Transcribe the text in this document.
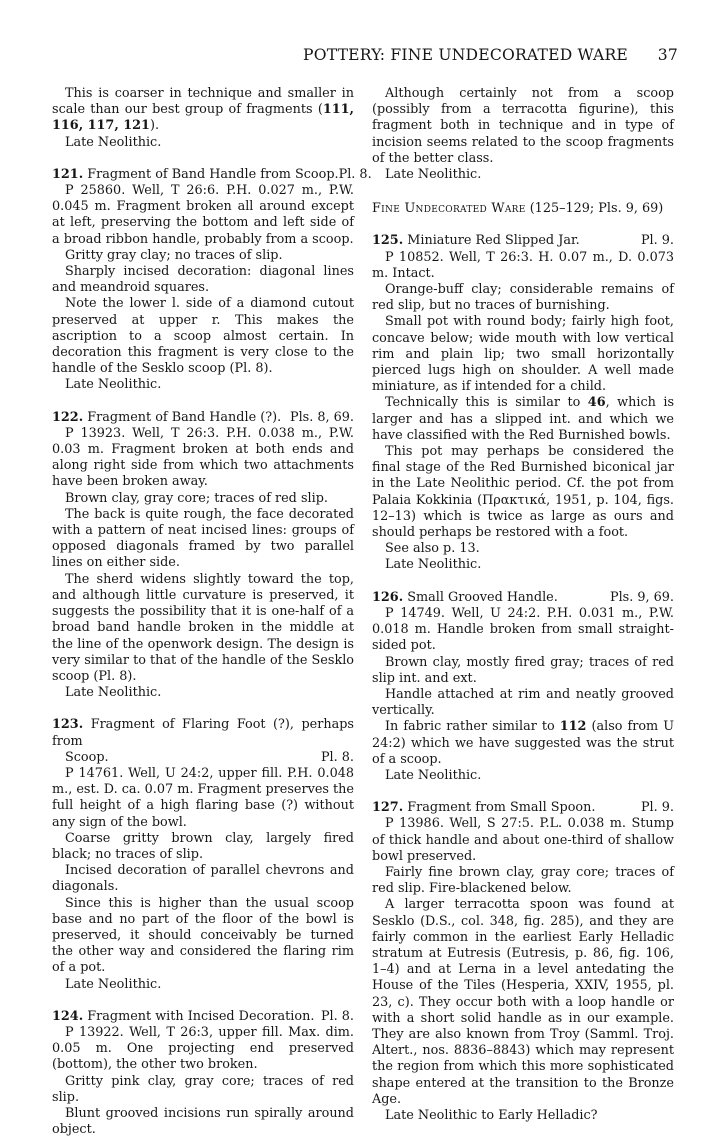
POTTERY: FINE UNDECORATED WARE 37

This is coarser in technique and smaller in scale than our best group of fragments (111, 116, 117, 121).

Late Neolithic.

121. Fragment of Band Handle from Scoop. Pl. 8.

P 25860. Well, T 26:6. P.H. 0.027 m., P.W. 0.045 m. Fragment broken all around except at left, preserving the bottom and left side of a broad ribbon handle, probably from a scoop.

Gritty gray clay; no traces of slip.

Sharply incised decoration: diagonal lines and meandroid squares.

Note the lower l. side of a diamond cutout preserved at upper r. This makes the ascription to a scoop almost certain. In decoration this fragment is very close to the handle of the Sesklo scoop (Pl. 8).

Late Neolithic.

122. Fragment of Band Handle (?). Pls. 8, 69.

P 13923. Well, T 26:3. P.H. 0.038 m., P.W. 0.03 m. Fragment broken at both ends and along right side from which two attachments have been broken away.

Brown clay, gray core; traces of red slip.

The back is quite rough, the face decorated with a pattern of neat incised lines: groups of opposed diagonals framed by two parallel lines on either side.

The sherd widens slightly toward the top, and although little curvature is preserved, it suggests the possibility that it is one-half of a broad band handle broken in the middle at the line of the openwork design. The design is very similar to that of the handle of the Sesklo scoop (Pl. 8).

Late Neolithic.

123. Fragment of Flaring Foot (?), perhaps from

Scoop.	Pl. 8.

P 14761. Well, U 24:2, upper fill. P.H. 0.048 m., est. D. ca. 0.07 m. Fragment preserves the full height of a high flaring base (?) without any sign of the bowl.

Coarse gritty brown clay, largely fired black; no traces of slip.

Incised decoration of parallel chevrons and diagonals.

Since this is higher than the usual scoop base and no part of the floor of the bowl is preserved, it should conceivably be turned the other way and considered the flaring rim of a pot.

Late Neolithic.

124. Fragment with Incised Decoration. Pl. 8.

P 13922. Well, T 26:3, upper fill. Max. dim. 0.05 m. One projecting end preserved (bottom), the other two broken.

Gritty pink clay, gray core; traces of red slip.

Blunt grooved incisions run spirally around object.

Although certainly not from a scoop (possibly from a terracotta figurine), this fragment both in technique and in type of incision seems related to the scoop fragments of the better class.

Late Neolithic.

Fine Undecorated Ware (125–129; Pls. 9, 69)

125. Miniature Red Slipped Jar.	Pl. 9.

P 10852. Well, T 26:3. H. 0.07 m., D. 0.073 m. Intact.

Orange-buff clay; considerable remains of red slip, but no traces of burnishing.

Small pot with round body; fairly high foot, concave below; wide mouth with low vertical rim and plain lip; two small horizontally pierced lugs high on shoulder. A well made miniature, as if intended for a child.

Technically this is similar to 46, which is larger and has a slipped int. and which we have classified with the Red Burnished bowls.

This pot may perhaps be considered the final stage of the Red Burnished biconical jar in the Late Neolithic period. Cf. the pot from Palaia Kokkinia (Πρακτικά, 1951, p. 104, figs. 12–13) which is twice as large as ours and should perhaps be restored with a foot.

See also p. 13.

Late Neolithic.

126. Small Grooved Handle.	Pls. 9, 69.

P 14749. Well, U 24:2. P.H. 0.031 m., P.W. 0.018 m. Handle broken from small straight-sided pot.

Brown clay, mostly fired gray; traces of red slip int. and ext.

Handle attached at rim and neatly grooved vertically.

In fabric rather similar to 112 (also from U 24:2) which we have suggested was the strut of a scoop.

Late Neolithic.

127. Fragment from Small Spoon.	Pl. 9.

P 13986. Well, S 27:5. P.L. 0.038 m. Stump of thick handle and about one-third of shallow bowl preserved.

Fairly fine brown clay, gray core; traces of red slip. Fire-blackened below.

A larger terracotta spoon was found at Sesklo (D.S., col. 348, fig. 285), and they are fairly common in the earliest Early Helladic stratum at Eutresis (Eutresis, p. 86, fig. 106, 1–4) and at Lerna in a level antedating the House of the Tiles (Hesperia, XXIV, 1955, pl. 23, c). They occur both with a loop handle or with a short solid handle as in our example. They are also known from Troy (Samml. Troj. Altert., nos. 8836–8843) which may represent the region from which this more sophisticated shape entered at the transition to the Bronze Age.

Late Neolithic to Early Helladic?
